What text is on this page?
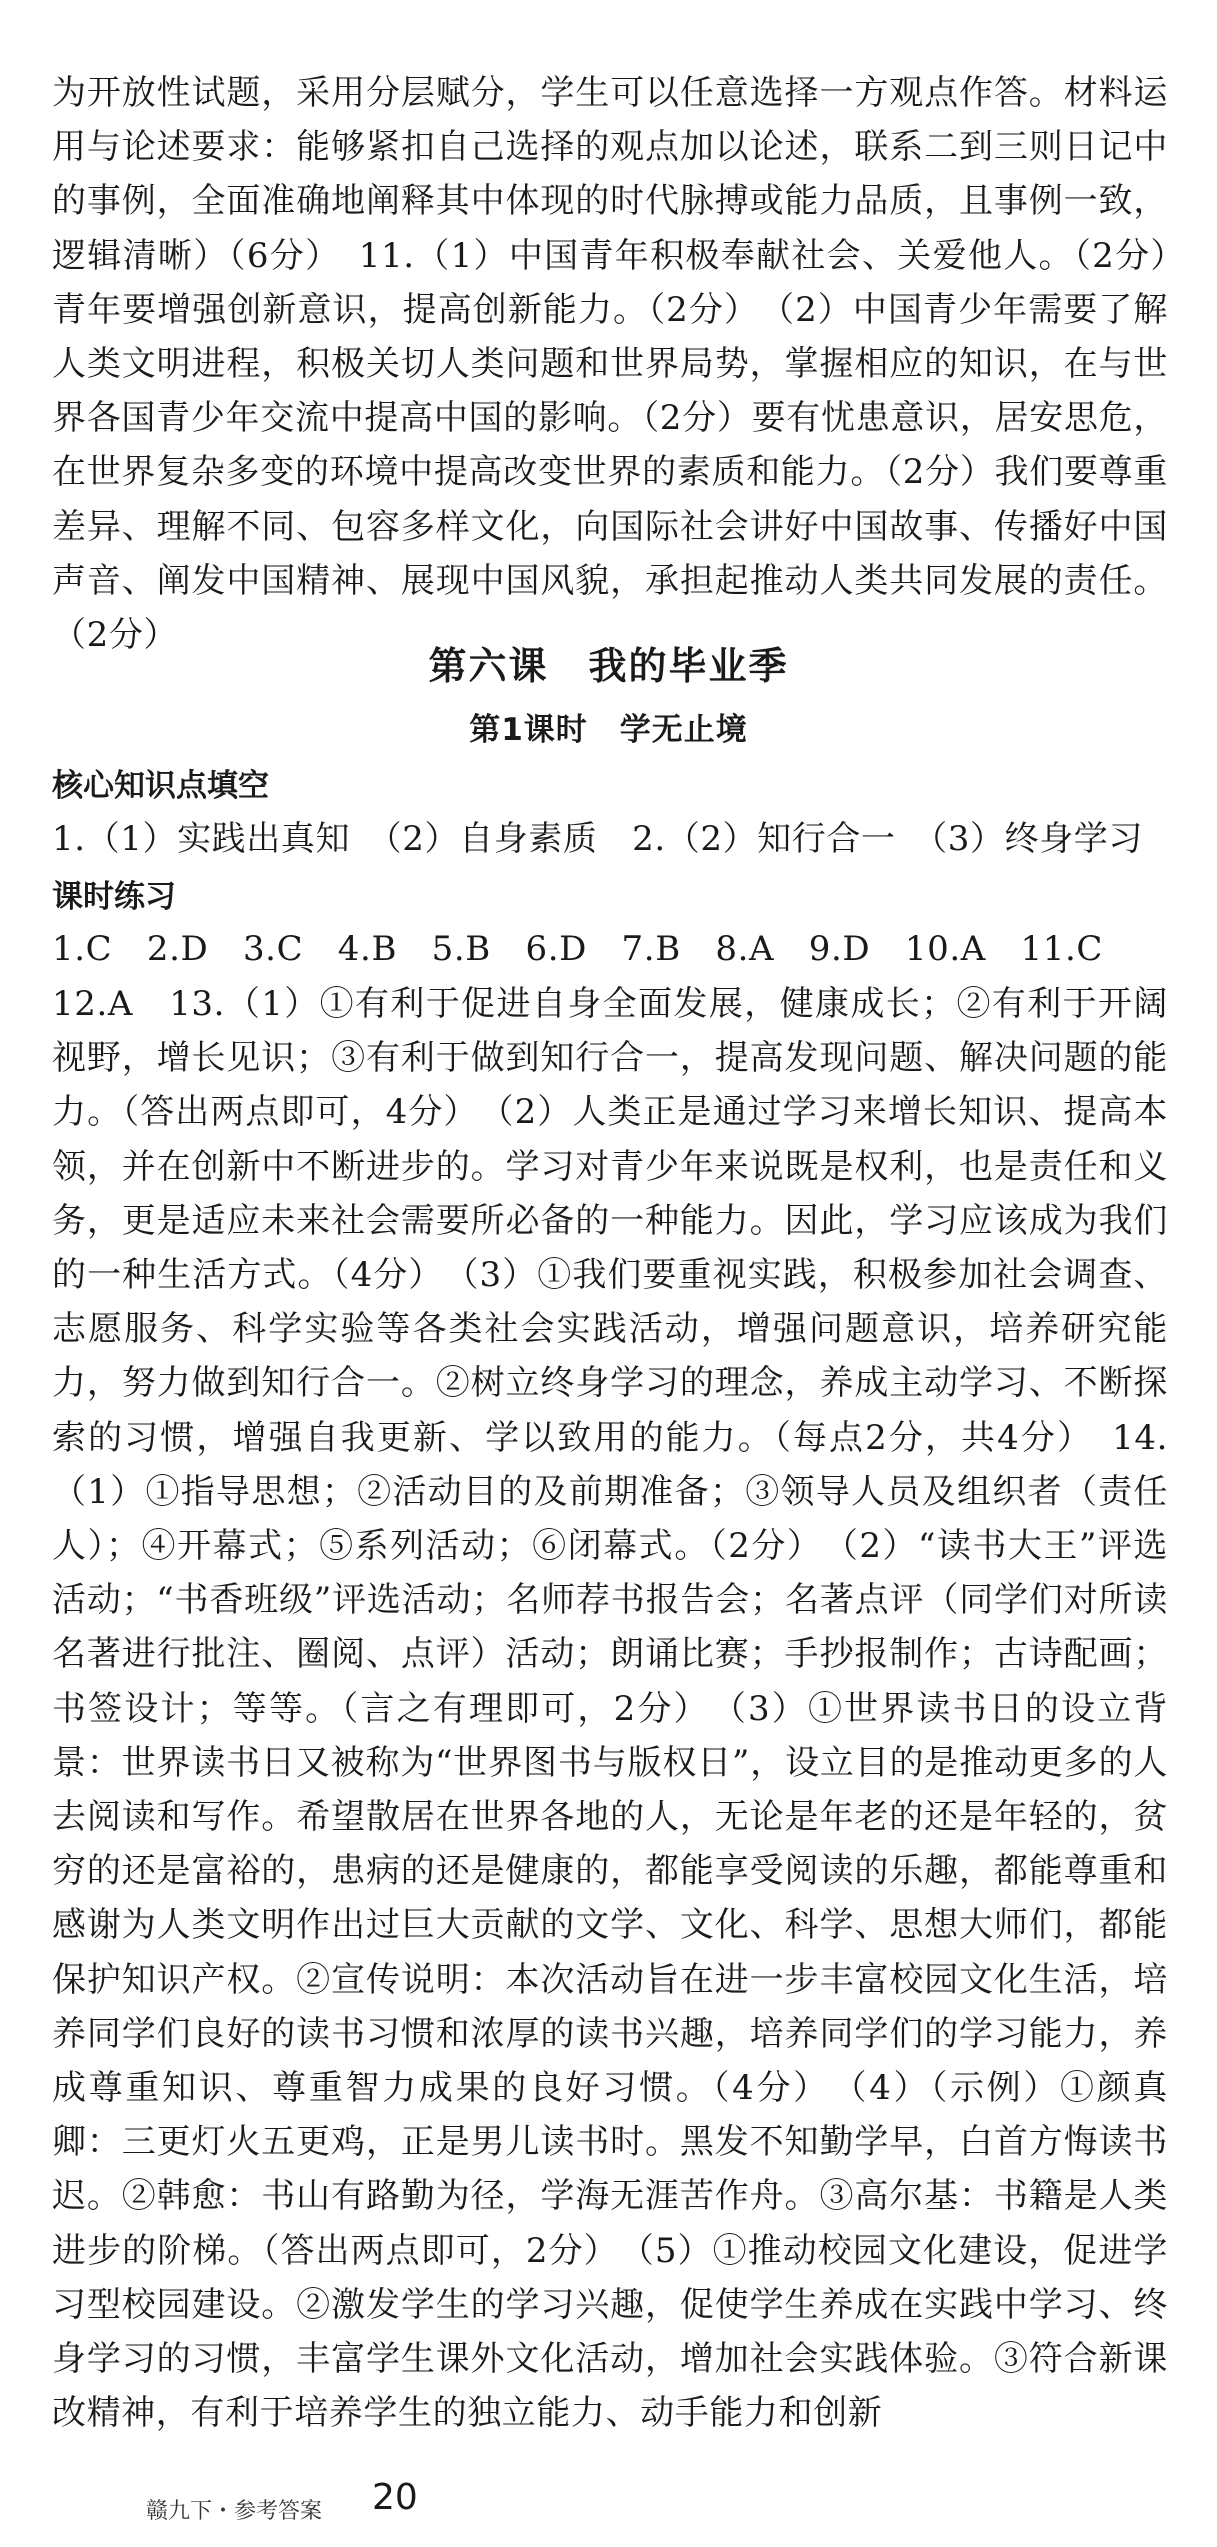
为开放性试题，采用分层赋分，学生可以任意选择一方观点作答。材料运用与论述要求：能够紧扣自己选择的观点加以论述，联系二到三则日记中的事例，全面准确地阐释其中体现的时代脉搏或能力品质，且事例一致，逻辑清晰）（6分）　11.（1）中国青年积极奉献社会、关爱他人。（2分）　青年要增强创新意识，提高创新能力。（2分）　（2）中国青少年需要了解人类文明进程，积极关切人类问题和世界局势，掌握相应的知识，在与世界各国青少年交流中提高中国的影响。（2分）要有忧患意识，居安思危，在世界复杂多变的环境中提高改变世界的素质和能力。（2分）我们要尊重差异、理解不同、包容多样文化，向国际社会讲好中国故事、传播好中国声音、阐发中国精神、展现中国风貌，承担起推动人类共同发展的责任。（2分）

第六课　我的毕业季
第1课时　学无止境
核心知识点填空

1.（1）实践出真知　（2）自身素质　2.（2）知行合一　（3）终身学习

课时练习

1.C　2.D　3.C　4.B　5.B　6.D　7.B　8.A　9.D　10.A　11.C

12.A　13.（1）①有利于促进自身全面发展，健康成长；②有利于开阔视野，增长见识；③有利于做到知行合一，提高发现问题、解决问题的能力。（答出两点即可，4分）　（2）人类正是通过学习来增长知识、提高本领，并在创新中不断进步的。学习对青少年来说既是权利，也是责任和义务，更是适应未来社会需要所必备的一种能力。因此，学习应该成为我们的一种生活方式。（4分）　（3）①我们要重视实践，积极参加社会调查、志愿服务、科学实验等各类社会实践活动，增强问题意识，培养研究能力，努力做到知行合一。②树立终身学习的理念，养成主动学习、不断探索的习惯，增强自我更新、学以致用的能力。（每点2分，共4分）　14.（1）①指导思想；②活动目的及前期准备；③领导人员及组织者（责任人）；④开幕式；⑤系列活动；⑥闭幕式。（2分）　（2）“读书大王”评选活动；“书香班级”评选活动；名师荐书报告会；名著点评（同学们对所读名著进行批注、圈阅、点评）活动；朗诵比赛；手抄报制作；古诗配画；书签设计；等等。（言之有理即可，2分）　（3）①世界读书日的设立背景：世界读书日又被称为“世界图书与版权日”，设立目的是推动更多的人去阅读和写作。希望散居在世界各地的人，无论是年老的还是年轻的，贫穷的还是富裕的，患病的还是健康的，都能享受阅读的乐趣，都能尊重和感谢为人类文明作出过巨大贡献的文学、文化、科学、思想大师们，都能保护知识产权。②宣传说明：本次活动旨在进一步丰富校园文化生活，培养同学们良好的读书习惯和浓厚的读书兴趣，培养同学们的学习能力，养成尊重知识、尊重智力成果的良好习惯。（4分）　（4）（示例）①颜真卿：三更灯火五更鸡，正是男儿读书时。黑发不知勤学早，白首方悔读书迟。②韩愈：书山有路勤为径，学海无涯苦作舟。③高尔基：书籍是人类进步的阶梯。（答出两点即可，2分）　（5）①推动校园文化建设，促进学习型校园建设。②激发学生的学习兴趣，促使学生养成在实践中学习、终身学习的习惯，丰富学生课外文化活动，增加社会实践体验。③符合新课改精神，有利于培养学生的独立能力、动手能力和创新

赣九下・参考答案 20
